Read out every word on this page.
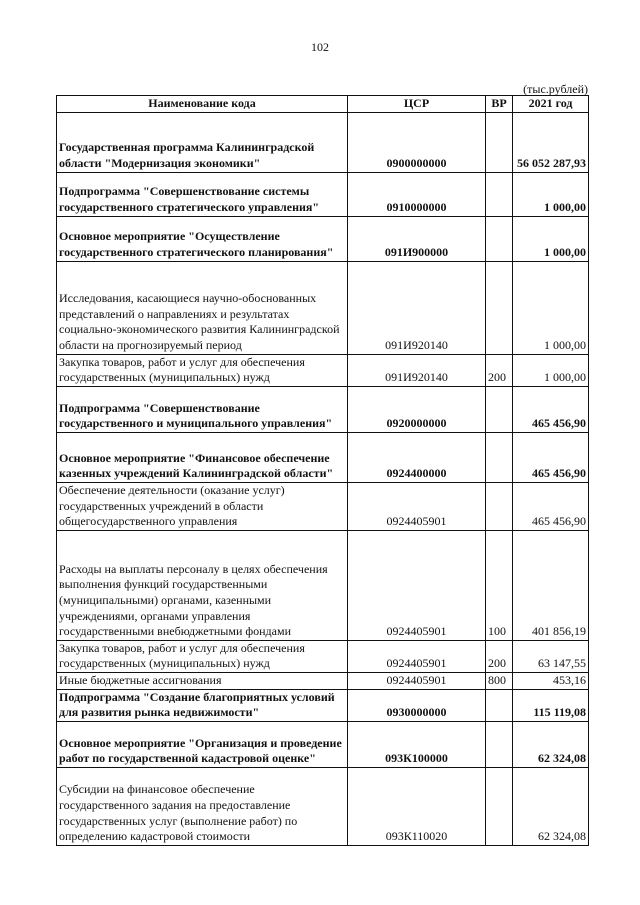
102
(тыс.рублей)
Наименование кода	ЦСР	ВР	2021 год
Государственная программа Калининградской области "Модернизация экономики"	0900000000		56 052 287,93
Подпрограмма "Совершенствование системы государственного стратегического управления"	0910000000		1 000,00
Основное мероприятие "Осуществление государственного стратегического планирования"	091И900000		1 000,00
Исследования, касающиеся научно-обоснованных представлений о направлениях и результатах социально-экономического развития Калининградской области на прогнозируемый период	091И920140		1 000,00
Закупка товаров, работ и услуг для обеспечения государственных (муниципальных) нужд	091И920140	200	1 000,00
Подпрограмма "Совершенствование государственного и муниципального управления"	0920000000		465 456,90
Основное мероприятие "Финансовое обеспечение казенных учреждений Калининградской области"	0924400000		465 456,90
Обеспечение деятельности (оказание услуг) государственных учреждений в области общегосударственного управления	0924405901		465 456,90
Расходы на выплаты персоналу в целях обеспечения выполнения функций государственными (муниципальными) органами, казенными учреждениями, органами управления государственными внебюджетными фондами	0924405901	100	401 856,19
Закупка товаров, работ и услуг для обеспечения государственных (муниципальных) нужд	0924405901	200	63 147,55
Иные бюджетные ассигнования	0924405901	800	453,16
Подпрограмма "Создание благоприятных условий для развития рынка недвижимости"	0930000000		115 119,08
Основное мероприятие "Организация и проведение работ по государственной кадастровой оценке"	093К100000		62 324,08
Субсидии на финансовое обеспечение государственного задания на предоставление государственных услуг (выполнение работ) по определению кадастровой стоимости	093К110020		62 324,08
